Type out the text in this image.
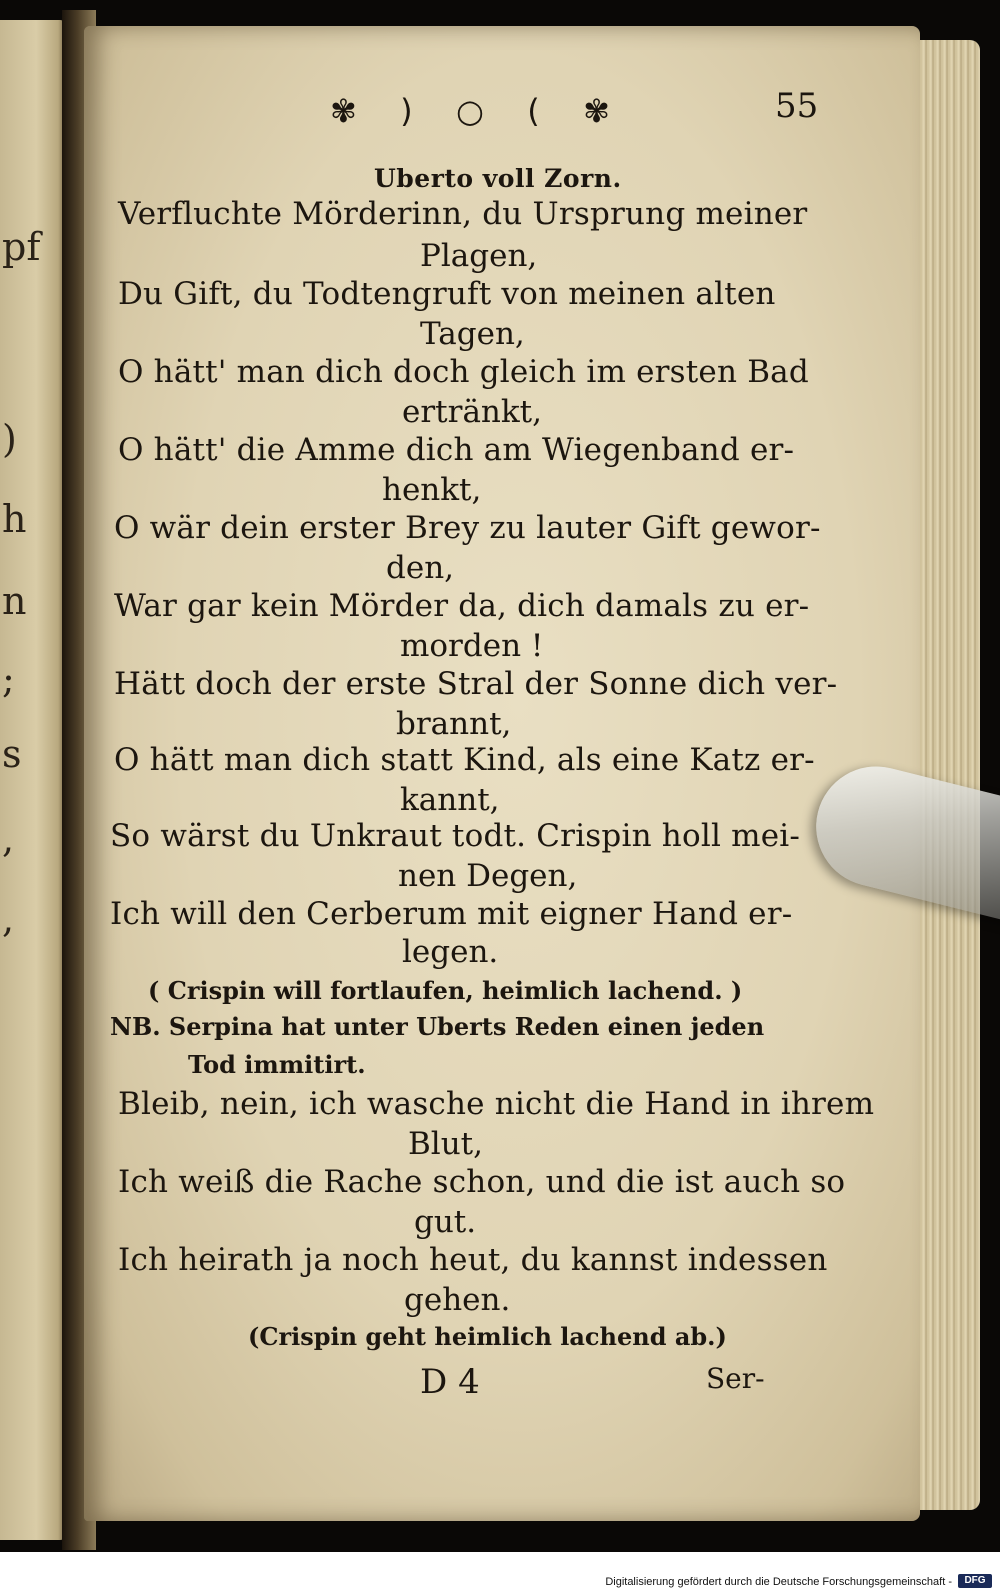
pf
)
h
n
;
s
,
,
✾ ) ○ ( ✾	55
Uberto voll Zorn.
Verfluchte Mörderinn, du Ursprung meiner
Plagen,
Du Gift, du Todtengruft von meinen alten
Tagen,
O hätt' man dich doch gleich im ersten Bad
ertränkt,
O hätt' die Amme dich am Wiegenband er-
henkt,
O wär dein erster Brey zu lauter Gift gewor-
den,
War gar kein Mörder da, dich damals zu er-
morden !
Hätt doch der erste Stral der Sonne dich ver-
brannt,
O hätt man dich statt Kind, als eine Katz er-
kannt,
So wärst du Unkraut todt. Crispin holl mei-
nen Degen,
Ich will den Cerberum mit eigner Hand er-
legen.
( Crispin will fortlaufen, heimlich lachend. )
NB. Serpina hat unter Uberts Reden einen jeden
Tod immitirt.
Bleib, nein, ich wasche nicht die Hand in ihrem
Blut,
Ich weiß die Rache schon, und die ist auch so
gut.
Ich heirath ja noch heut, du kannst indessen
gehen.
(Crispin geht heimlich lachend ab.)
D 4	Ser-
Digitalisierung gefördert durch die Deutsche Forschungsgemeinschaft -	DFG
